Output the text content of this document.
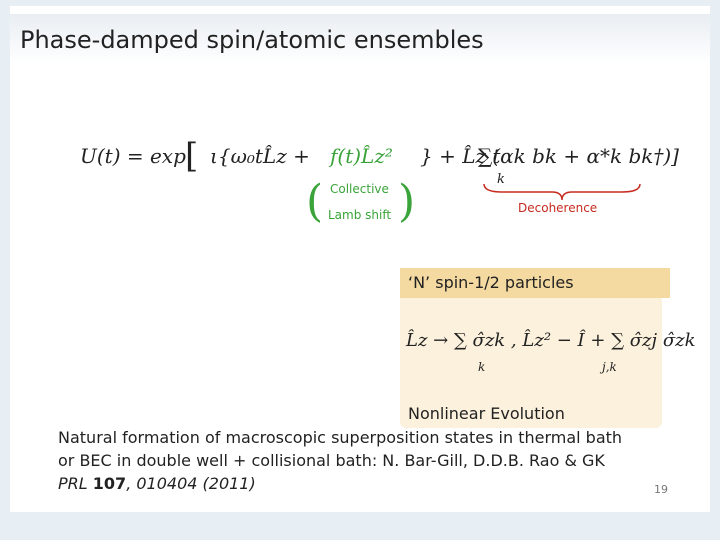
Phase-damped spin/atomic ensembles
U(t) = exp [ ι{ω₀tL̂z + f(t)L̂z² } + L̂z t
∑(αk bk + α*k bk†)]
k
( Collective
Lamb shift )	Decoherence
‘N’ spin-1/2 particles
L̂z → ∑ σ̂zk , L̂z² − Î + ∑ σ̂zj σ̂zk
k	j,k
Nonlinear Evolution
Natural formation of macroscopic superposition states in thermal bath
or BEC in double well + collisional bath: N. Bar-Gill, D.D.B. Rao & GK
PRL 107, 010404 (2011)	19
